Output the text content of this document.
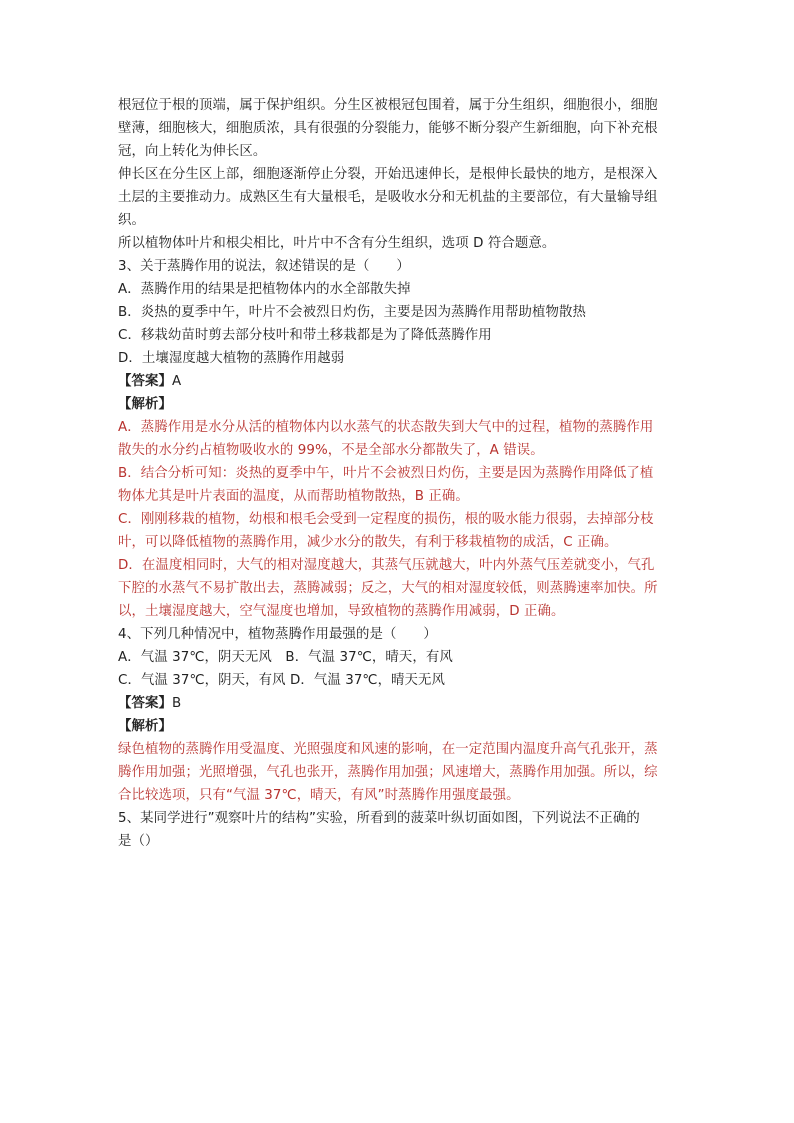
根冠位于根的顶端，属于保护组织。分生区被根冠包围着，属于分生组织，细胞很小，细胞
壁薄，细胞核大，细胞质浓，具有很强的分裂能力，能够不断分裂产生新细胞，向下补充根
冠，向上转化为伸长区。
伸长区在分生区上部，细胞逐渐停止分裂，开始迅速伸长，是根伸长最快的地方，是根深入
土层的主要推动力。成熟区生有大量根毛，是吸收水分和无机盐的主要部位，有大量输导组
织。
所以植物体叶片和根尖相比，叶片中不含有分生组织，选项 D 符合题意。
3、关于蒸腾作用的说法，叙述错误的是（　　）
A．蒸腾作用的结果是把植物体内的水全部散失掉
B．炎热的夏季中午，叶片不会被烈日灼伤，主要是因为蒸腾作用帮助植物散热
C．移栽幼苗时剪去部分枝叶和带土移栽都是为了降低蒸腾作用
D．土壤湿度越大植物的蒸腾作用越弱
【答案】A
【解析】
A．蒸腾作用是水分从活的植物体内以水蒸气的状态散失到大气中的过程，植物的蒸腾作用
散失的水分约占植物吸收水的 99%，不是全部水分都散失了，A 错误。
B．结合分析可知：炎热的夏季中午，叶片不会被烈日灼伤，主要是因为蒸腾作用降低了植
物体尤其是叶片表面的温度，从而帮助植物散热，B 正确。
C．刚刚移栽的植物，幼根和根毛会受到一定程度的损伤，根的吸水能力很弱，去掉部分枝
叶，可以降低植物的蒸腾作用，减少水分的散失，有利于移栽植物的成活，C 正确。
D．在温度相同时，大气的相对湿度越大，其蒸气压就越大，叶内外蒸气压差就变小，气孔
下腔的水蒸气不易扩散出去，蒸腾减弱；反之，大气的相对湿度较低，则蒸腾速率加快。所
以，土壤湿度越大，空气湿度也增加，导致植物的蒸腾作用减弱，D 正确。
4、下列几种情况中，植物蒸腾作用最强的是（　　）
A．气温 37℃，阴天无风　B．气温 37℃，晴天，有风
C．气温 37℃，阴天，有风 D．气温 37℃，晴天无风
【答案】B
【解析】
绿色植物的蒸腾作用受温度、光照强度和风速的影响，在一定范围内温度升高气孔张开，蒸
腾作用加强；光照增强，气孔也张开，蒸腾作用加强；风速增大，蒸腾作用加强。所以，综
合比较选项，只有“气温 37℃，晴天，有风”时蒸腾作用强度最强。
5、某同学进行”观察叶片的结构”实验，所看到的菠菜叶纵切面如图，下列说法不正确的
是（）
